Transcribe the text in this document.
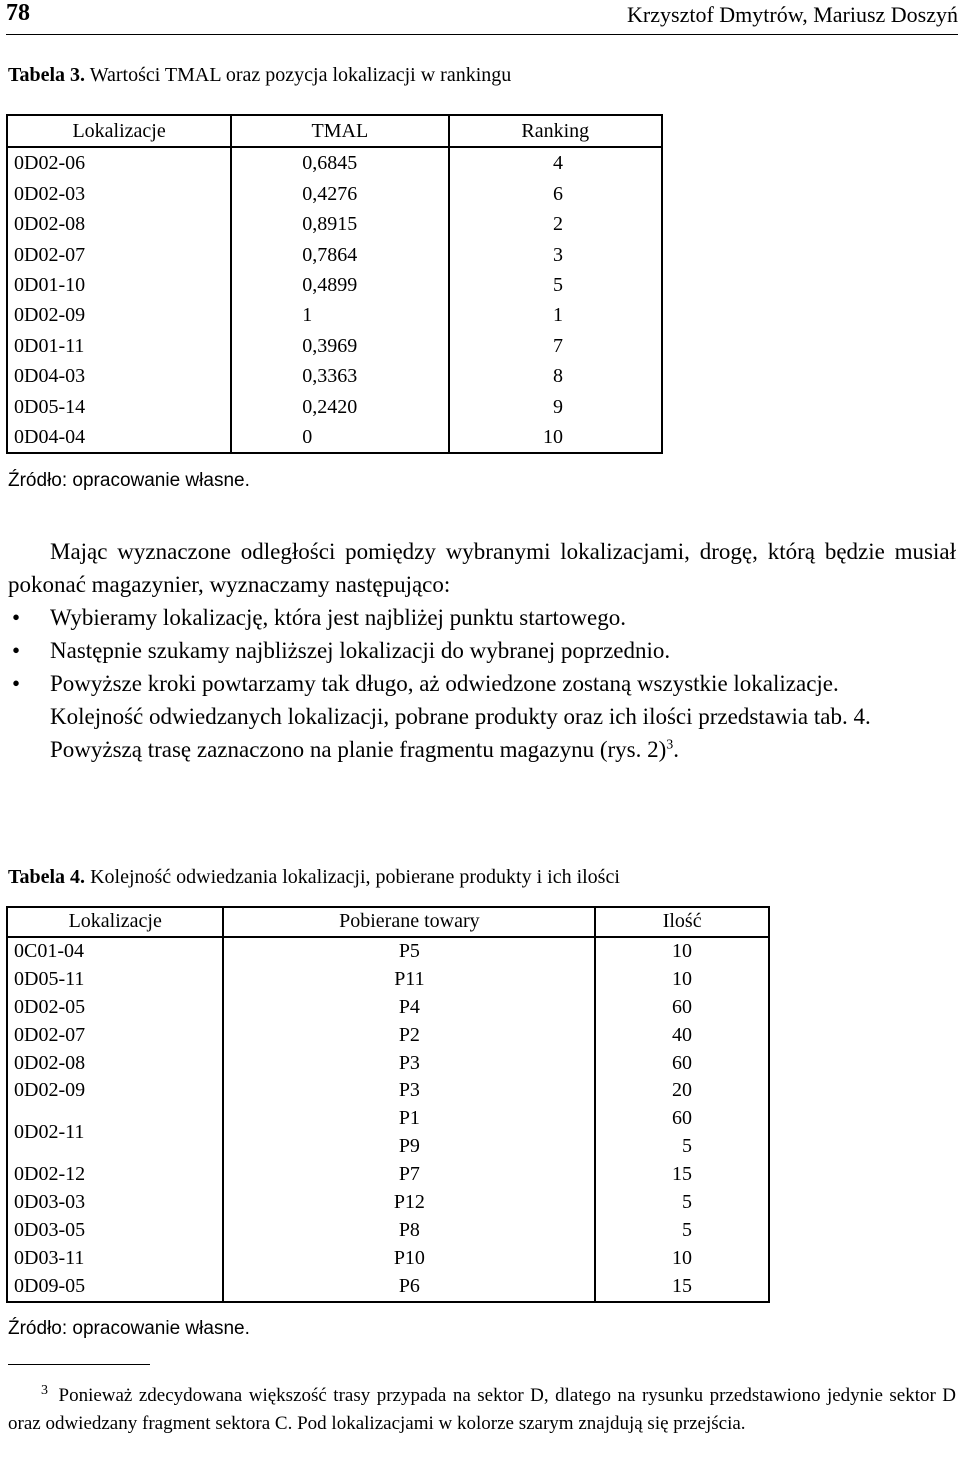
78	Krzysztof Dmytrów, Mariusz Doszyń
Tabela 3. Wartości TMAL oraz pozycja lokalizacji w rankingu
Lokalizacje	TMAL	Ranking
0D02-06	0,6845	4
0D02-03	0,4276	6
0D02-08	0,8915	2
0D02-07	0,7864	3
0D01-10	0,4899	5
0D02-09	1	1
0D01-11	0,3969	7
0D04-03	0,3363	8
0D05-14	0,2420	9
0D04-04	0	10
Źródło: opracowanie własne.

Mając wyznaczone odległości pomiędzy wybranymi lokalizacjami, drogę, którą będzie musiał pokonać magazynier, wyznaczamy następująco:

• Wybieramy lokalizację, która jest najbliżej punktu startowego.
• Następnie szukamy najbliższej lokalizacji do wybranej poprzednio.
• Powyższe kroki powtarzamy tak długo, aż odwiedzone zostaną wszystkie lokalizacje.

Kolejność odwiedzanych lokalizacji, pobrane produkty oraz ich ilości przedstawia tab. 4.

Powyższą trasę zaznaczono na planie fragmentu magazynu (rys. 2)$^3$.

Tabela 4. Kolejność odwiedzania lokalizacji, pobierane produkty i ich ilości
Lokalizacje	Pobierane towary	Ilość
0C01-04	P5	10
0D05-11	P11	10
0D02-05	P4	60
0D02-07	P2	40
0D02-08	P3	60
0D02-09	P3	20
0D02-11	P1	60
	P9	5
0D02-12	P7	15
0D03-03	P12	5
0D03-05	P8	5
0D03-11	P10	10
0D09-05	P6	15
Źródło: opracowanie własne.
$^3$ Ponieważ zdecydowana większość trasy przypada na sektor D, dlatego na rysunku przedstawiono jedynie sektor D oraz odwiedzany fragment sektora C. Pod lokalizacjami w kolorze szarym znajdują się przejścia.
